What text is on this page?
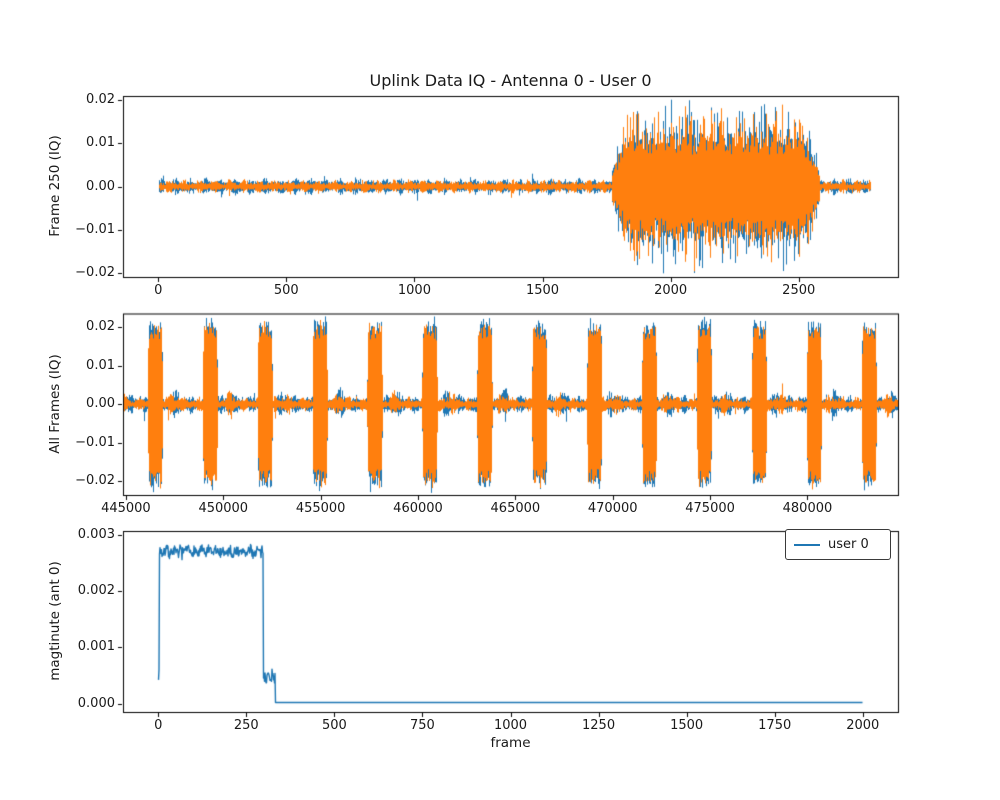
Uplink Data IQ - Antenna 0 - User 0
Frame 250 (IQ)
All Frames (IQ)
magtinute (ant 0)
frame
user 0
0	500	1000	1500	2000	2500
0.02
0.01
0.00
−0.01
−0.02
445000	450000	455000	460000	465000	470000	475000	480000
0.02
0.01
0.00
−0.01
−0.02
0	250	500	750	1000	1250	1500	1750	2000
0.003
0.002
0.001
0.000
